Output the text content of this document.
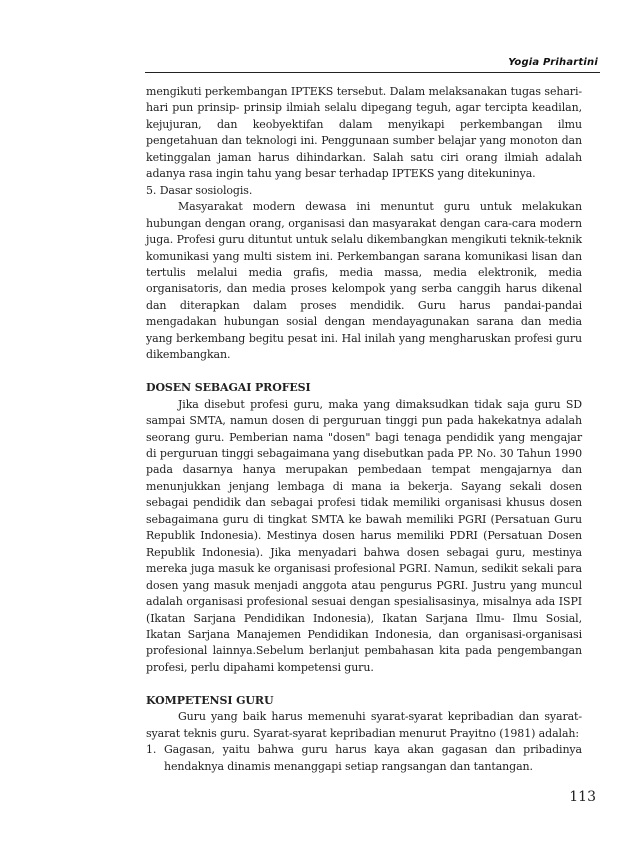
Yogia Prihartini

mengikuti perkembangan IPTEKS tersebut. Dalam melaksanakan tugas sehari-hari pun prinsip- prinsip ilmiah selalu dipegang teguh, agar tercipta keadilan, kejujuran, dan keobyektifan dalam menyikapi perkembangan ilmu pengetahuan dan teknologi ini. Penggunaan sumber belajar yang monoton dan ketinggalan jaman harus dihindarkan. Salah satu ciri orang ilmiah adalah adanya rasa ingin tahu yang besar terhadap IPTEKS yang ditekuninya.

5. Dasar sosiologis.

Masyarakat modern dewasa ini menuntut guru untuk melakukan hubungan dengan orang, organisasi dan masyarakat dengan cara-cara modern juga. Profesi guru dituntut untuk selalu dikembangkan mengikuti teknik-teknik komunikasi yang multi sistem ini. Perkembangan sarana komunikasi lisan dan tertulis melalui media grafis, media massa, media elektronik, media organisatoris, dan media proses kelompok yang serba canggih harus dikenal dan diterapkan dalam proses mendidik. Guru harus pandai-pandai mengadakan hubungan sosial dengan mendayagunakan sarana dan media yang berkembang begitu pesat ini. Hal inilah yang mengharuskan profesi guru dikembangkan.

DOSEN SEBAGAI PROFESI

Jika disebut profesi guru, maka yang dimaksudkan tidak saja guru SD sampai SMTA, namun dosen di perguruan tinggi pun pada hakekatnya adalah seorang guru. Pemberian nama "dosen" bagi tenaga pendidik yang mengajar di perguruan tinggi sebagaimana yang disebutkan pada PP. No. 30 Tahun 1990 pada dasarnya hanya merupakan pembedaan tempat mengajarnya dan menunjukkan jenjang lembaga di mana ia bekerja. Sayang sekali dosen sebagai pendidik dan sebagai profesi tidak memiliki organisasi khusus dosen sebagaimana guru di tingkat SMTA ke bawah memiliki PGRI (Persatuan Guru Republik Indonesia). Mestinya dosen harus memiliki PDRI (Persatuan Dosen Republik Indonesia). Jika menyadari bahwa dosen sebagai guru, mestinya mereka juga masuk ke organisasi profesional PGRI. Namun, sedikit sekali para dosen yang masuk menjadi anggota atau pengurus PGRI. Justru yang muncul adalah organisasi profesional sesuai dengan spesialisasinya, misalnya ada ISPI (Ikatan Sarjana Pendidikan Indonesia), Ikatan Sarjana Ilmu- Ilmu Sosial, Ikatan Sarjana Manajemen Pendidikan Indonesia, dan organisasi-organisasi profesional lainnya.Sebelum berlanjut pembahasan kita pada pengembangan profesi, perlu dipahami kompetensi guru.

KOMPETENSI GURU

Guru yang baik harus memenuhi syarat-syarat kepribadian dan syarat-syarat teknis guru. Syarat-syarat kepribadian menurut Prayitno (1981) adalah:

1. Gagasan, yaitu bahwa guru harus kaya akan gagasan dan pribadinya hendaknya dinamis menanggapi setiap rangsangan dan tantangan.
113
